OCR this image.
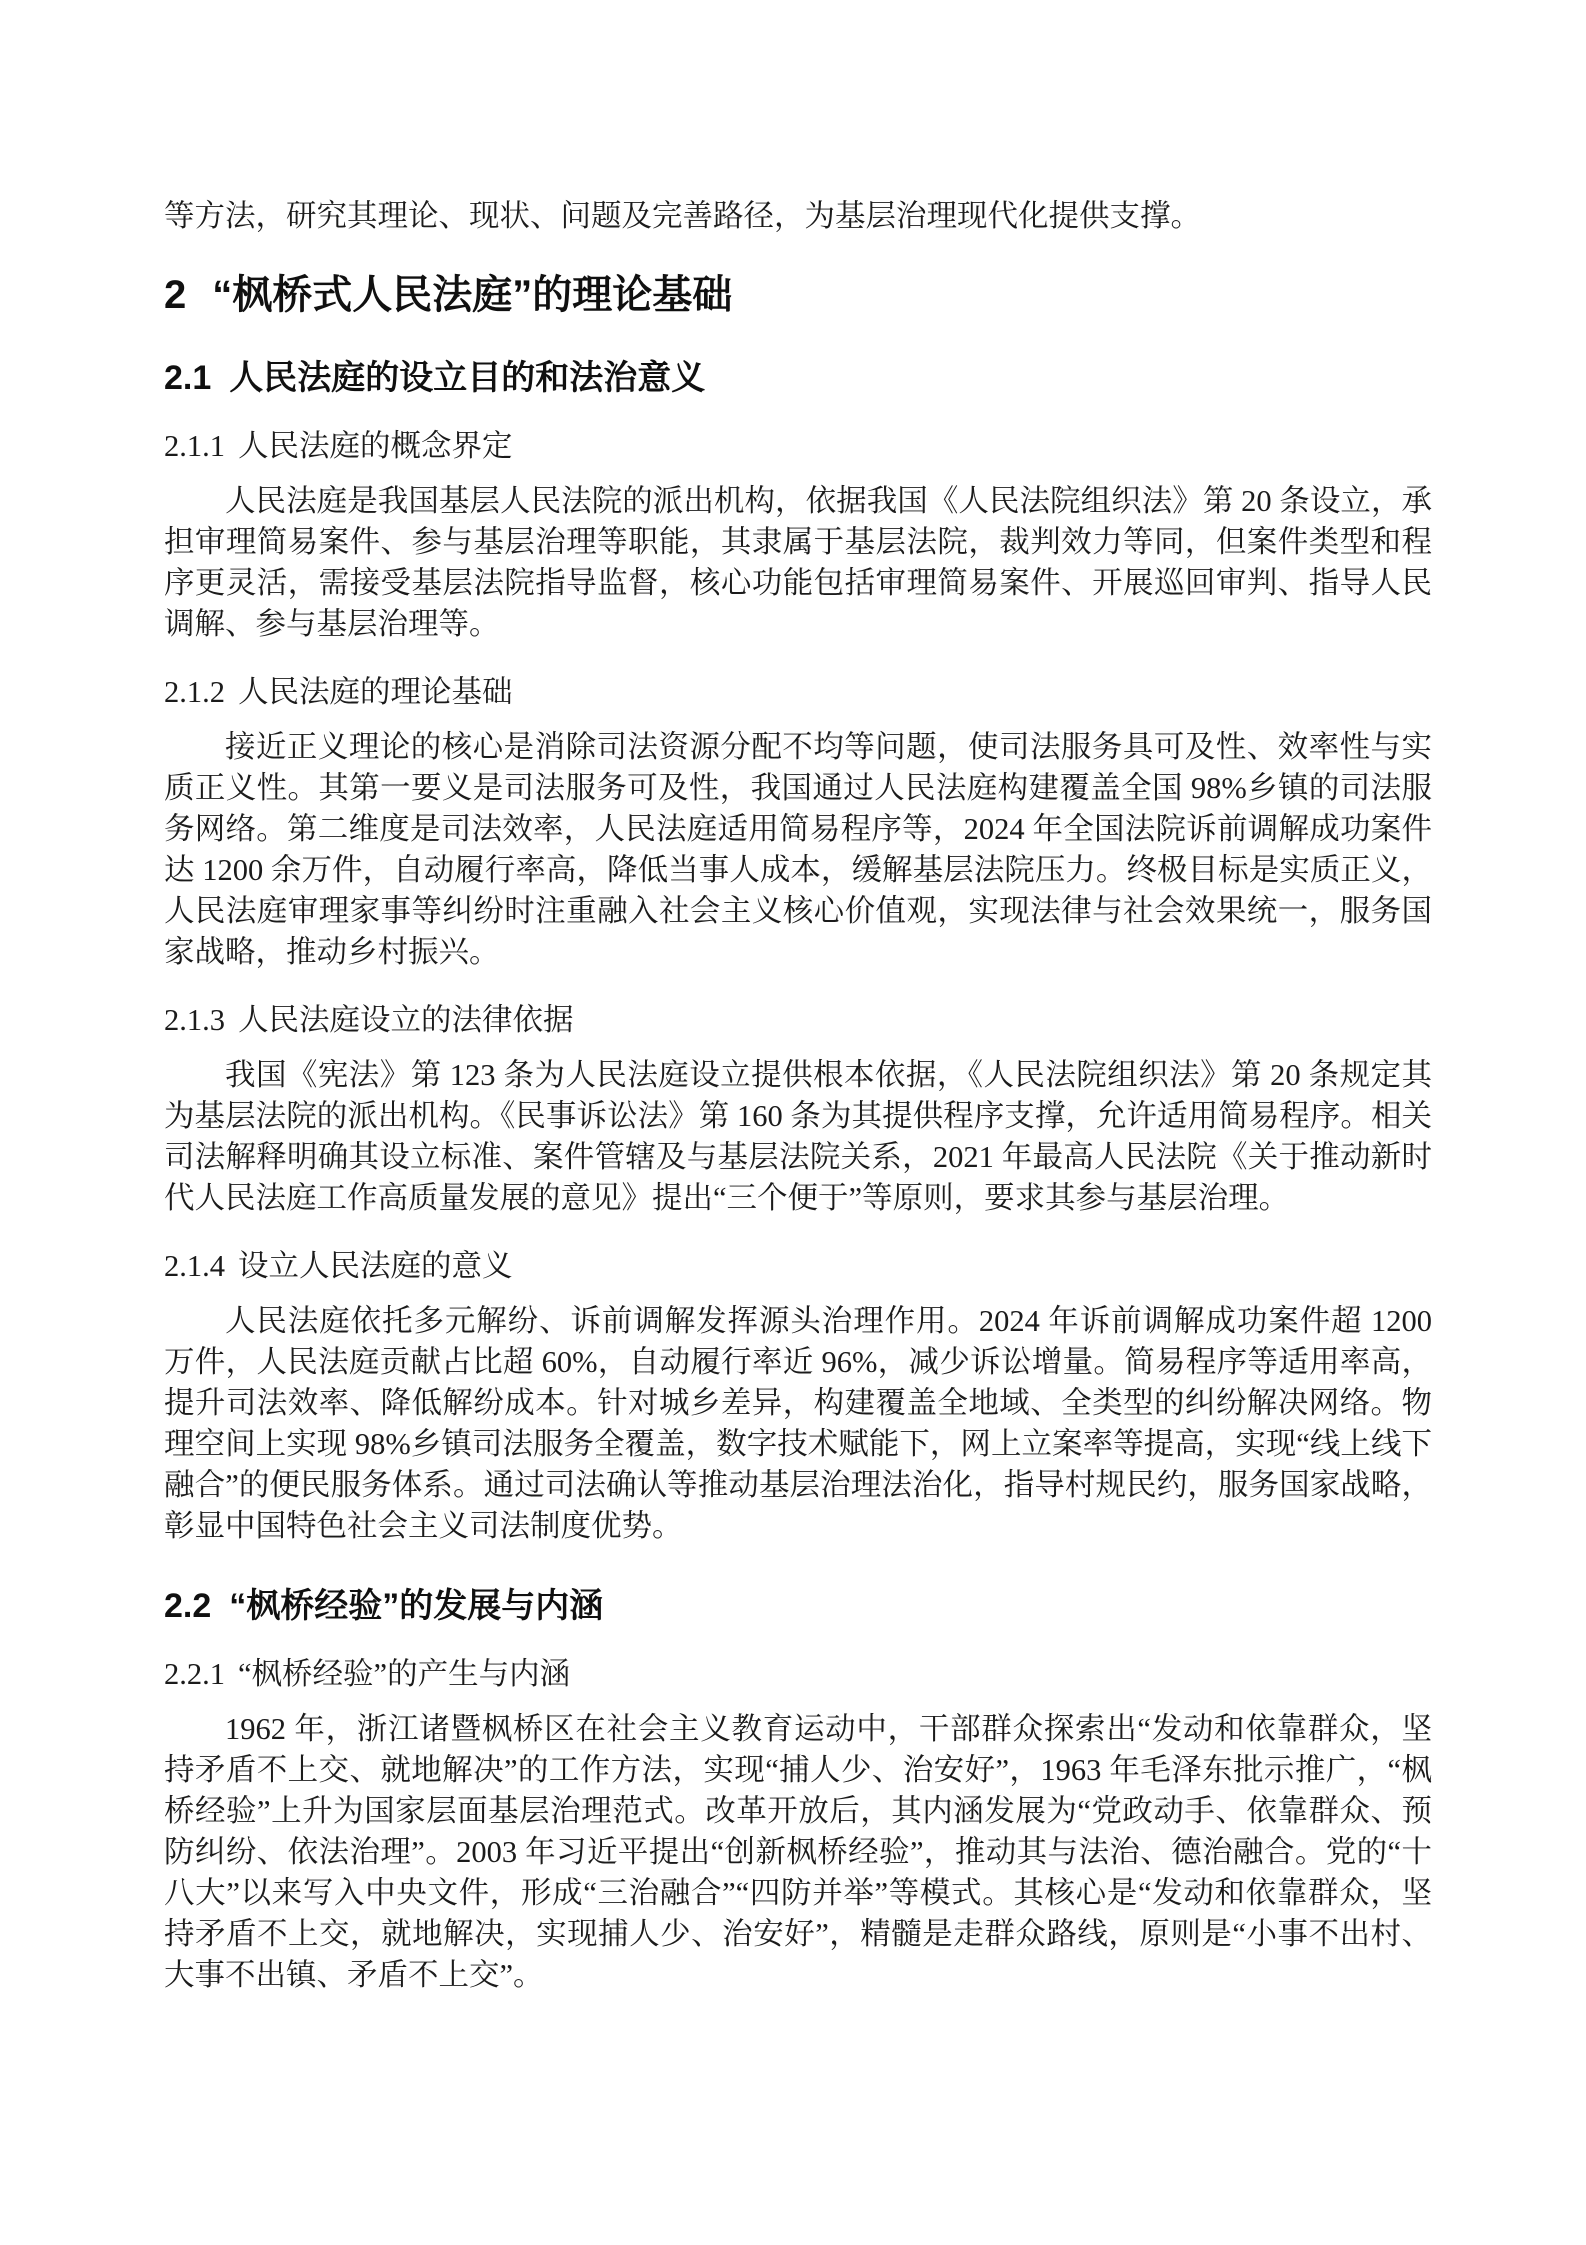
等方法，研究其理论、现状、问题及完善路径，为基层治理现代化提供支撑。

2 “枫桥式人民法庭”的理论基础
2.1 人民法庭的设立目的和法治意义
2.1.1 人民法庭的概念界定

人民法庭是我国基层人民法院的派出机构，依据我国《人民法院组织法》第 20 条设立，承担审理简易案件、参与基层治理等职能，其隶属于基层法院，裁判效力等同，但案件类型和程序更灵活，需接受基层法院指导监督，核心功能包括审理简易案件、开展巡回审判、指导人民调解、参与基层治理等。

2.1.2 人民法庭的理论基础

接近正义理论的核心是消除司法资源分配不均等问题，使司法服务具可及性、效率性与实质正义性。其第一要义是司法服务可及性，我国通过人民法庭构建覆盖全国 98%乡镇的司法服务网络。第二维度是司法效率，人民法庭适用简易程序等，2024 年全国法院诉前调解成功案件达 1200 余万件，自动履行率高，降低当事人成本，缓解基层法院压力。终极目标是实质正义，人民法庭审理家事等纠纷时注重融入社会主义核心价值观，实现法律与社会效果统一，服务国家战略，推动乡村振兴。

2.1.3 人民法庭设立的法律依据

我国《宪法》第 123 条为人民法庭设立提供根本依据，《人民法院组织法》第 20 条规定其为基层法院的派出机构。《民事诉讼法》第 160 条为其提供程序支撑，允许适用简易程序。相关司法解释明确其设立标准、案件管辖及与基层法院关系，2021 年最高人民法院《关于推动新时代人民法庭工作高质量发展的意见》提出“三个便于”等原则，要求其参与基层治理。

2.1.4 设立人民法庭的意义

人民法庭依托多元解纷、诉前调解发挥源头治理作用。2024 年诉前调解成功案件超 1200 万件，人民法庭贡献占比超 60%，自动履行率近 96%，减少诉讼增量。简易程序等适用率高，提升司法效率、降低解纷成本。针对城乡差异，构建覆盖全地域、全类型的纠纷解决网络。物理空间上实现 98%乡镇司法服务全覆盖，数字技术赋能下，网上立案率等提高，实现“线上线下融合”的便民服务体系。通过司法确认等推动基层治理法治化，指导村规民约，服务国家战略，彰显中国特色社会主义司法制度优势。

2.2 “枫桥经验”的发展与内涵
2.2.1 “枫桥经验”的产生与内涵

1962 年，浙江诸暨枫桥区在社会主义教育运动中，干部群众探索出“发动和依靠群众，坚持矛盾不上交、就地解决”的工作方法，实现“捕人少、治安好”，1963 年毛泽东批示推广，“枫桥经验”上升为国家层面基层治理范式。改革开放后，其内涵发展为“党政动手、依靠群众、预防纠纷、依法治理”。2003 年习近平提出“创新枫桥经验”，推动其与法治、德治融合。党的“十八大”以来写入中央文件，形成“三治融合”“四防并举”等模式。其核心是“发动和依靠群众，坚持矛盾不上交，就地解决，实现捕人少、治安好”，精髓是走群众路线，原则是“小事不出村、大事不出镇、矛盾不上交”。
